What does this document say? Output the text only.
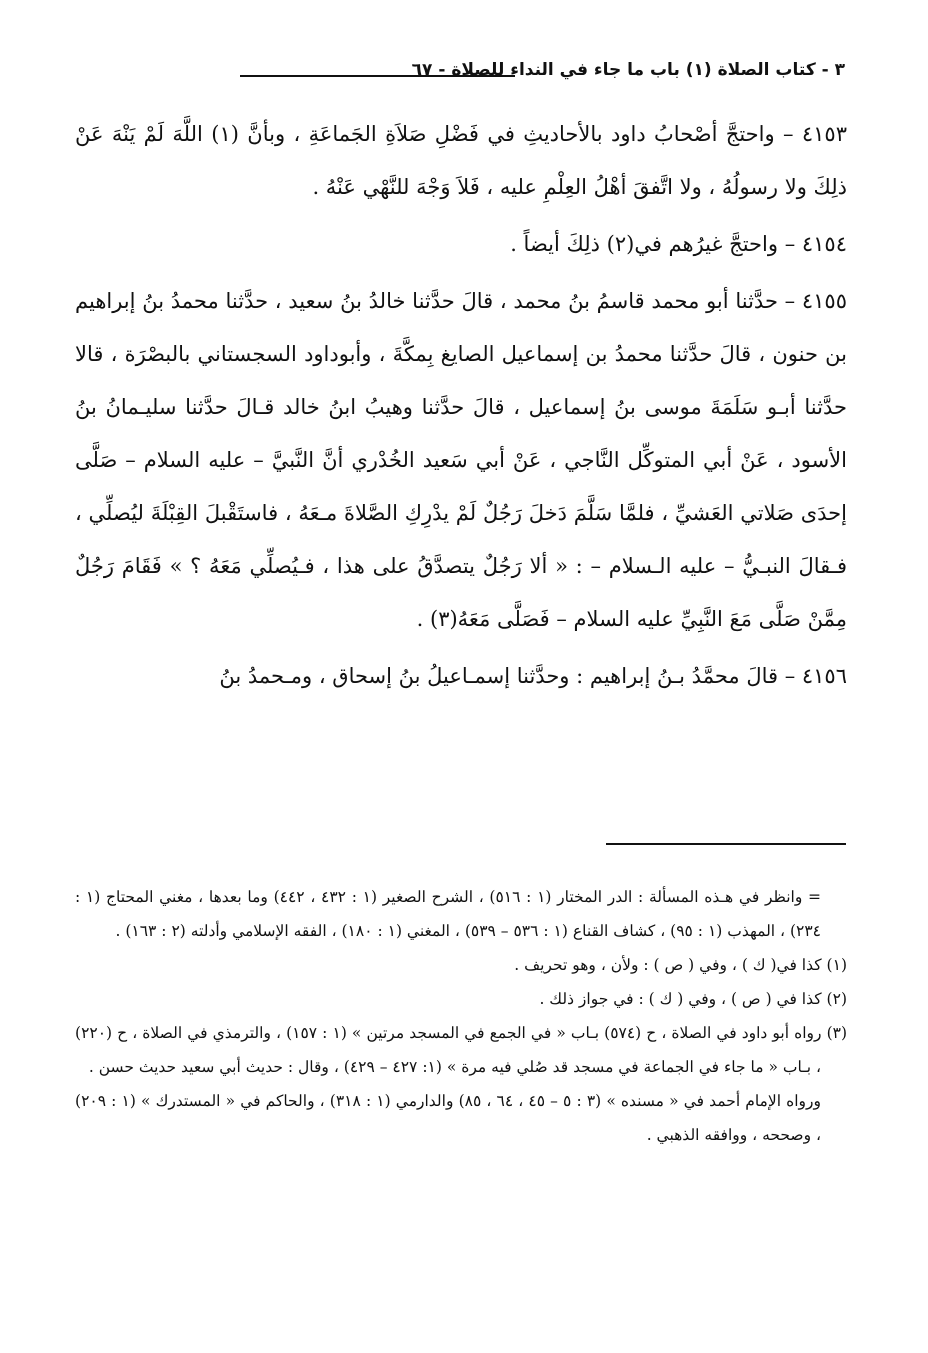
٣ - كتاب الصلاة (١) باب ما جاء في النداء للصلاة - ٦٧

٤١٥٣ – واحتجَّ أصْحابُ داود بالأحاديثِ في فَضْلِ صَلاَةِ الجَماعَةِ ، وبأنَّ (١) اللَّهَ لَمْ يَنْهَ عَنْ ذلِكَ ولا رسولُهُ ، ولا اتَّفقَ أهْلُ العِلْمِ عليه ، فَلاَ وَجْهَ للنَّهْي عَنْهُ .

٤١٥٤ – واحتجَّ غيرُهم في(٢) ذلِكَ أيضاً .

٤١٥٥ – حدَّثنا أبو محمد قاسمُ بنُ محمد ، قالَ حدَّثنا خالدُ بنُ سعيد ، حدَّثنا محمدُ بنُ إبراهيم بن حنون ، قالَ حدَّثنا محمدُ بن إسماعيل الصايغ بِمكَّةَ ، وأبوداود السجستاني بالبصْرَة ، قالا حدَّثنا أبـو سَلَمَةَ موسى بنُ إسماعيل ، قالَ حدَّثنا وهيبُ ابنُ خالد قـالَ حدَّثنا سليـمانُ بنُ الأسود ، عَنْ أبي المتوكِّل النَّاجي ، عَنْ أبي سَعيد الخُدْري أنَّ النَّبيَّ – عليه السلام – صَلَّى إحدَى صَلاتي العَشيِّ ، فلمَّا سَلَّمَ دَخلَ رَجُلٌ لَمْ يدْرِكِ الصَّلاةَ مـعَهُ ، فاستَقْبلَ القِبْلَةَ ليُصلِّي ، فـقالَ النبـيُّ – عليه الـسلام – : « ألا رَجُلٌ يتصدَّقُ على هذا ، فـيُصلِّي مَعَهُ ؟ » فَقَامَ رَجُلٌ مِمَّنْ صَلَّى مَعَ النَّبِيِّ عليه السلام – فَصَلَّى مَعَهُ(٣) .

٤١٥٦ – قالَ محمَّدُ بـنُ إبراهيم : وحدَّثنا إسمـاعيلُ بنُ إسحاق ، ومـحمدُ بنُ

= وانظر في هـذه المسألة : الدر المختار (١ : ٥١٦) ، الشرح الصغير (١ : ٤٣٢ ، ٤٤٢) وما بعدها ، مغني المحتاج (١ : ٢٣٤) ، المهذب (١ : ٩٥) ، كشاف القناع (١ : ٥٣٦ – ٥٣٩) ، المغني (١ : ١٨٠) ، الفقه الإسلامي وأدلته (٢ : ١٦٣) .

(١) كذا في( ك ) ، وفي ( ص ) : ولأن ، وهو تحريف .

(٢) كذا في ( ص ) ، وفي ( ك ) : في جواز ذلك .

(٣) رواه أبو داود في الصلاة ، ح (٥٧٤) بـاب « في الجمع في المسجد مرتين » (١ : ١٥٧) ، والترمذي في الصلاة ، ح (٢٢٠) ، بـاب « ما جاء في الجماعة في مسجد قد صُلي فيه مرة » (١: ٤٢٧ – ٤٢٩) ، وقال : حديث أبي سعيد حديث حسن .

ورواه الإمام أحمد في « مسنده » (٣ : ٥ – ٤٥ ، ٦٤ ، ٨٥) والدارمي (١ : ٣١٨) ، والحاكم في « المستدرك » (١ : ٢٠٩) ، وصححه ، ووافقه الذهبي .
